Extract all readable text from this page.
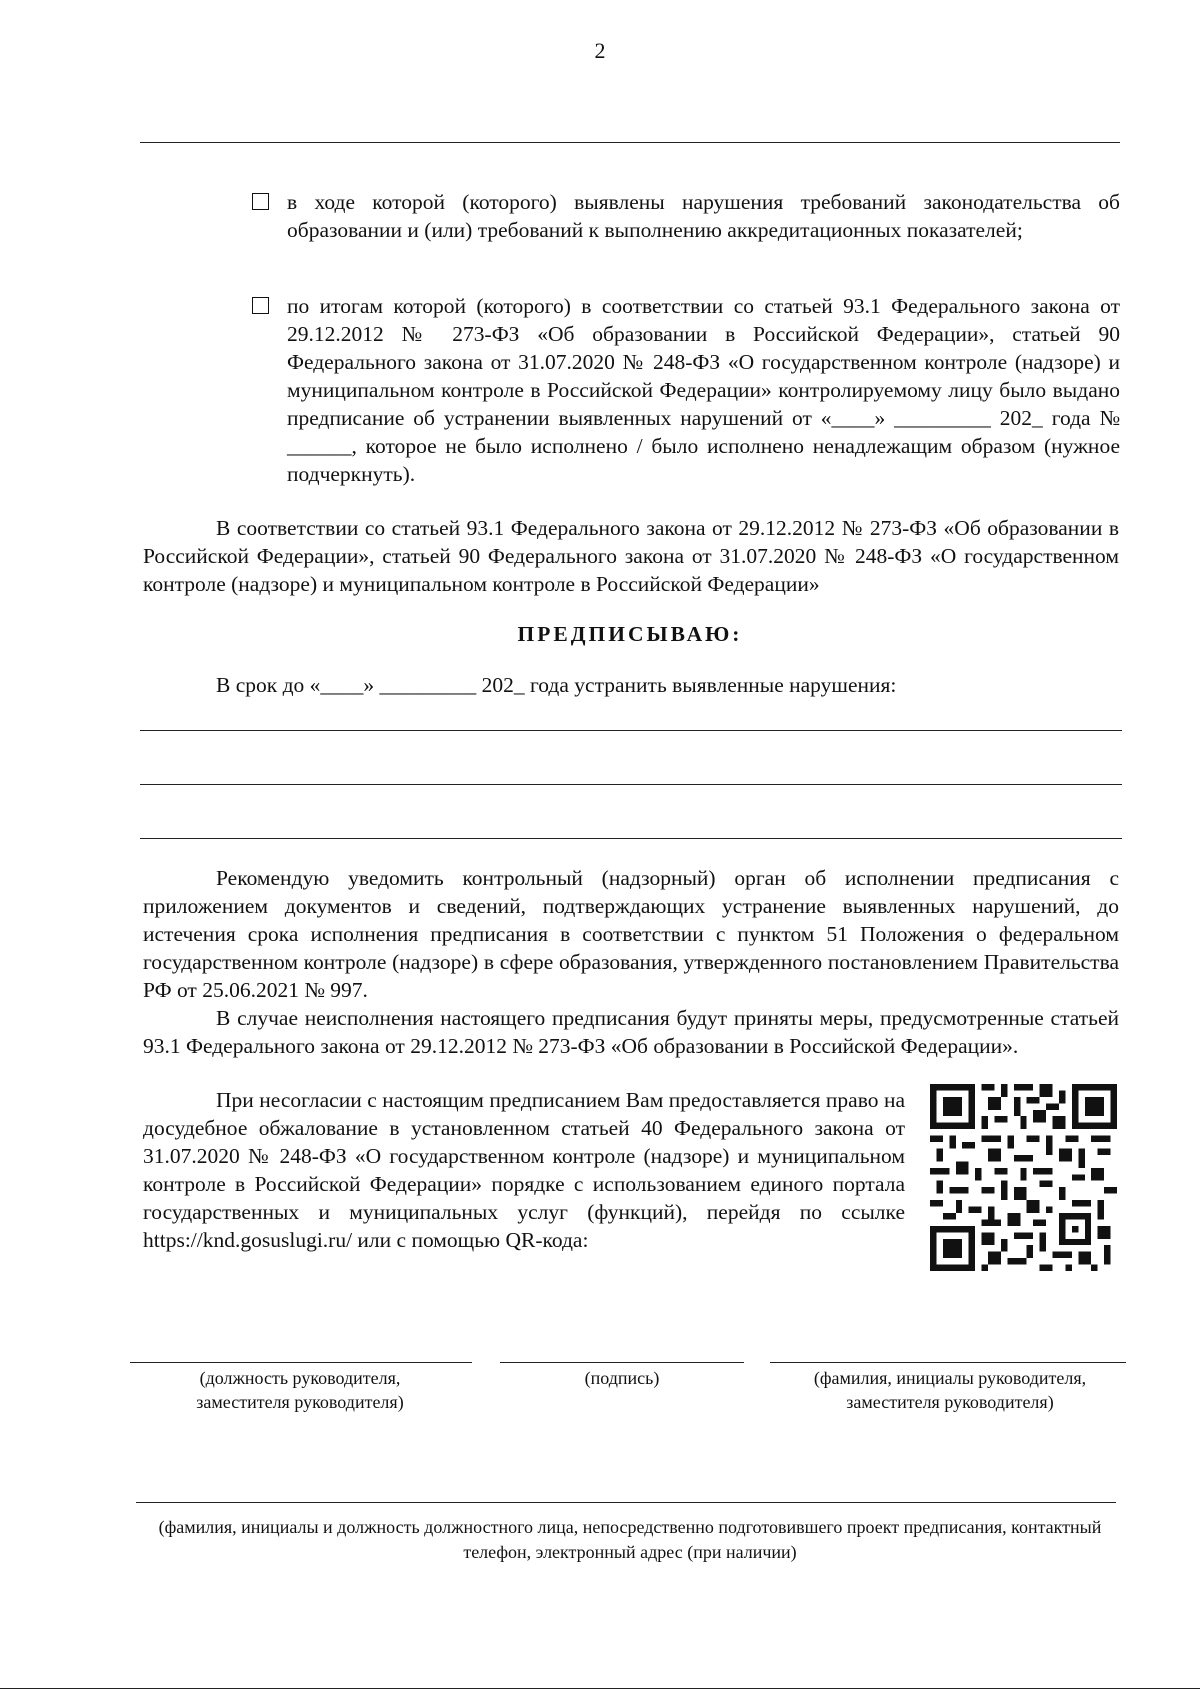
2
в ходе которой (которого) выявлены нарушения требований законодательства об образовании и (или) требований к выполнению аккредитационных показателей;
по итогам которой (которого) в соответствии со статьей 93.1 Федерального закона от 29.12.2012 № 273-ФЗ «Об образовании в Российской Федерации», статьей 90 Федерального закона от 31.07.2020 № 248-ФЗ «О государственном контроле (надзоре) и муниципальном контроле в Российской Федерации» контролируемому лицу было выдано предписание об устранении выявленных нарушений от «____» _________ 202_ года № ______, которое не было исполнено / было исполнено ненадлежащим образом (нужное подчеркнуть).
В соответствии со статьей 93.1 Федерального закона от 29.12.2012 № 273-ФЗ «Об образовании в Российской Федерации», статьей 90 Федерального закона от 31.07.2020 № 248-ФЗ «О государственном контроле (надзоре) и муниципальном контроле в Российской Федерации»
ПРЕДПИСЫВАЮ:
В срок до «____» _________ 202_ года устранить выявленные нарушения:
Рекомендую уведомить контрольный (надзорный) орган об исполнении предписания с приложением документов и сведений, подтверждающих устранение выявленных нарушений, до истечения срока исполнения предписания в соответствии с пунктом 51 Положения о федеральном государственном контроле (надзоре) в сфере образования, утвержденного постановлением Правительства РФ от 25.06.2021 № 997.
В случае неисполнения настоящего предписания будут приняты меры, предусмотренные статьей 93.1 Федерального закона от 29.12.2012 № 273-ФЗ «Об образовании в Российской Федерации».
При несогласии с настоящим предписанием Вам предоставляется право на досудебное обжалование в установленном статьей 40 Федерального закона от 31.07.2020 № 248-ФЗ «О государственном контроле (надзоре) и муниципальном контроле в Российской Федерации» порядке с использованием единого портала государственных и муниципальных услуг (функций), перейдя по ссылке https://knd.gosuslugi.ru/ или с помощью QR-кода:
(должность руководителя, заместителя руководителя)
(подпись)	(фамилия, инициалы руководителя, заместителя руководителя)
(фамилия, инициалы и должность должностного лица, непосредственно подготовившего проект предписания, контактный телефон, электронный адрес (при наличии)
